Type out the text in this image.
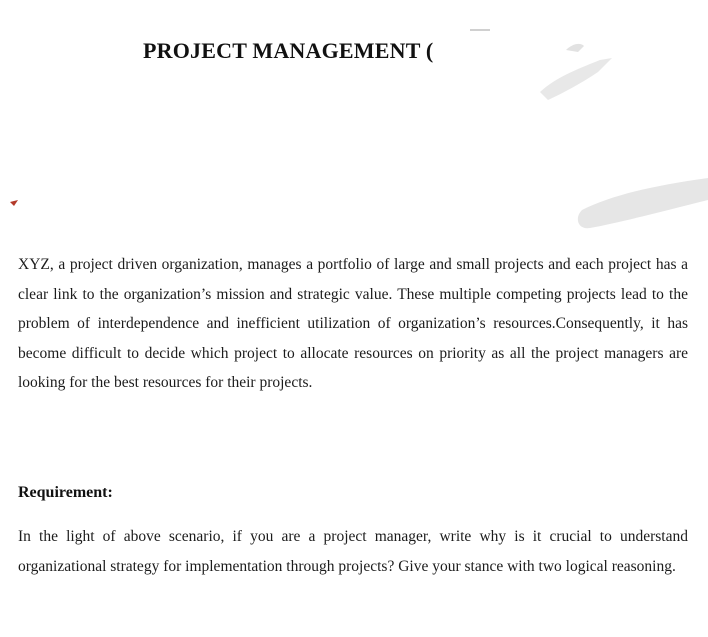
PROJECT MANAGEMENT (

XYZ, a project driven organization, manages a portfolio of large and small projects and each project has a clear link to the organization’s mission and strategic value. These multiple competing projects lead to the problem of interdependence and inefficient utilization of organization’s resources.Consequently, it has become difficult to decide which project to allocate resources on priority as all the project managers are looking for the best resources for their projects.

Requirement:

In the light of above scenario, if you are a project manager, write why is it crucial to understand organizational strategy for implementation through projects? Give your stance with two logical reasoning.
